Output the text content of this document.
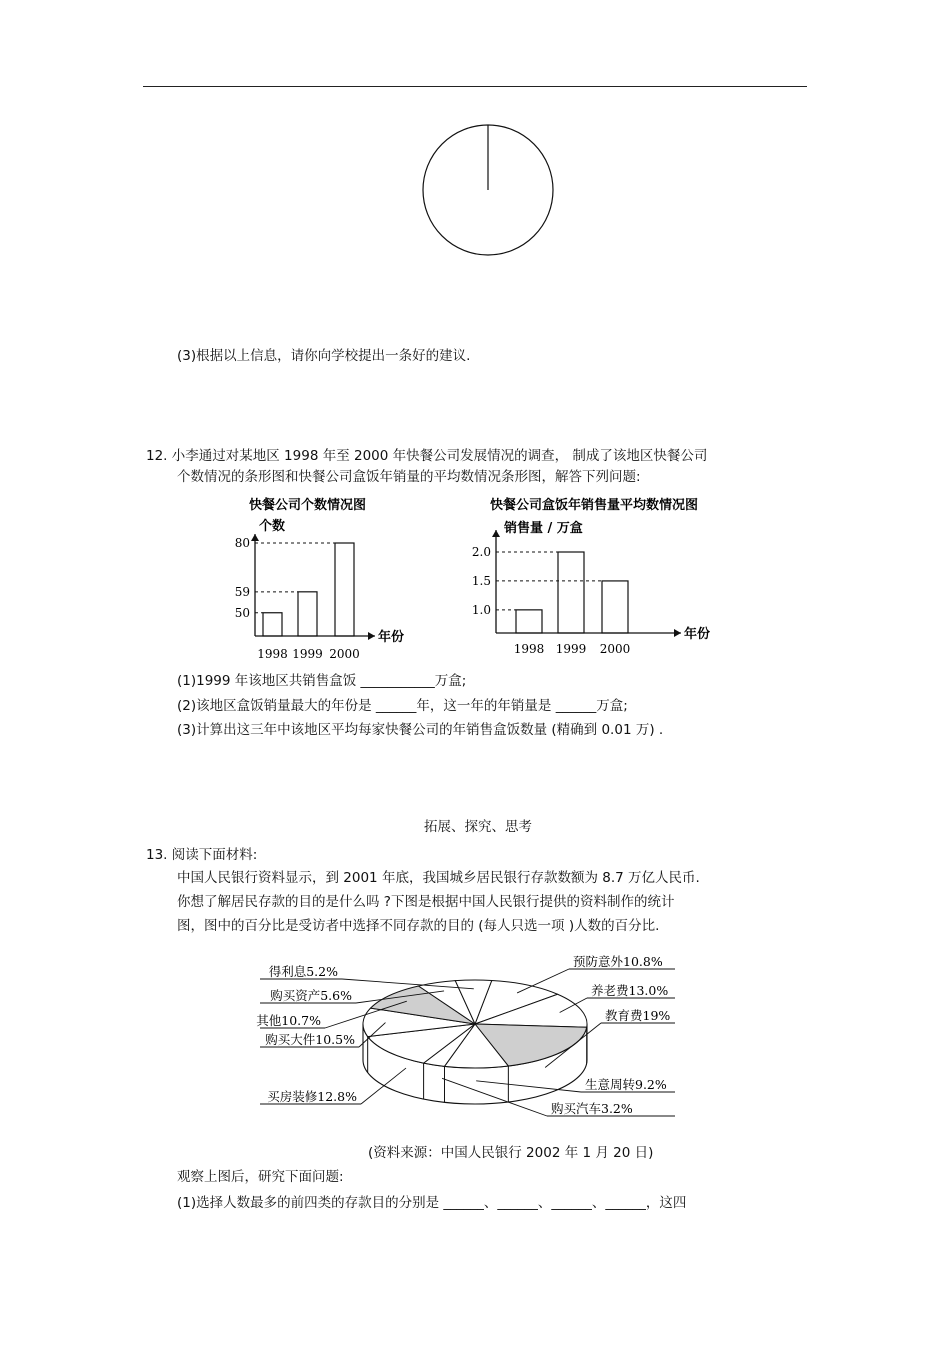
(3)根据以上信息，请你向学校提出一条好的建议.
12. 小李通过对某地区 1998 年至 2000 年快餐公司发展情况的调查， 制成了该地区快餐公司
个数情况的条形图和快餐公司盒饭年销量的平均数情况条形图，解答下列问题:
快餐公司个数情况图
个数
年份
50
59
80
1998 1999 2000
快餐公司盒饭年销售量平均数情况图
销售量 / 万盒
年份
1.0
1.5
2.0
1998 1999 2000
(1)1999 年该地区共销售盒饭 ___________万盒;
(2)该地区盒饭销量最大的年份是 ______年，这一年的年销量是 ______万盒;
(3)计算出这三年中该地区平均每家快餐公司的年销售盒饭数量 (精确到 0.01 万) .
拓展、探究、思考
13. 阅读下面材料:
中国人民银行资料显示，到 2001 年底，我国城乡居民银行存款数额为 8.7 万亿人民币.
你想了解居民存款的目的是什么吗 ?下图是根据中国人民银行提供的资料制作的统计
图，图中的百分比是受访者中选择不同存款的目的 (每人只选一项 )人数的百分比.
预防意外10.8%
养老费13.0%
教育费19%
生意周转9.2%
购买汽车3.2%
买房装修12.8%
购买大件10.5%
其他10.7%
购买资产5.6%
得利息5.2%
(资料来源：中国人民银行 2002 年 1 月 20 日)
观察上图后，研究下面问题:
(1)选择人数最多的前四类的存款目的分别是 ______、______、______、______，这四
